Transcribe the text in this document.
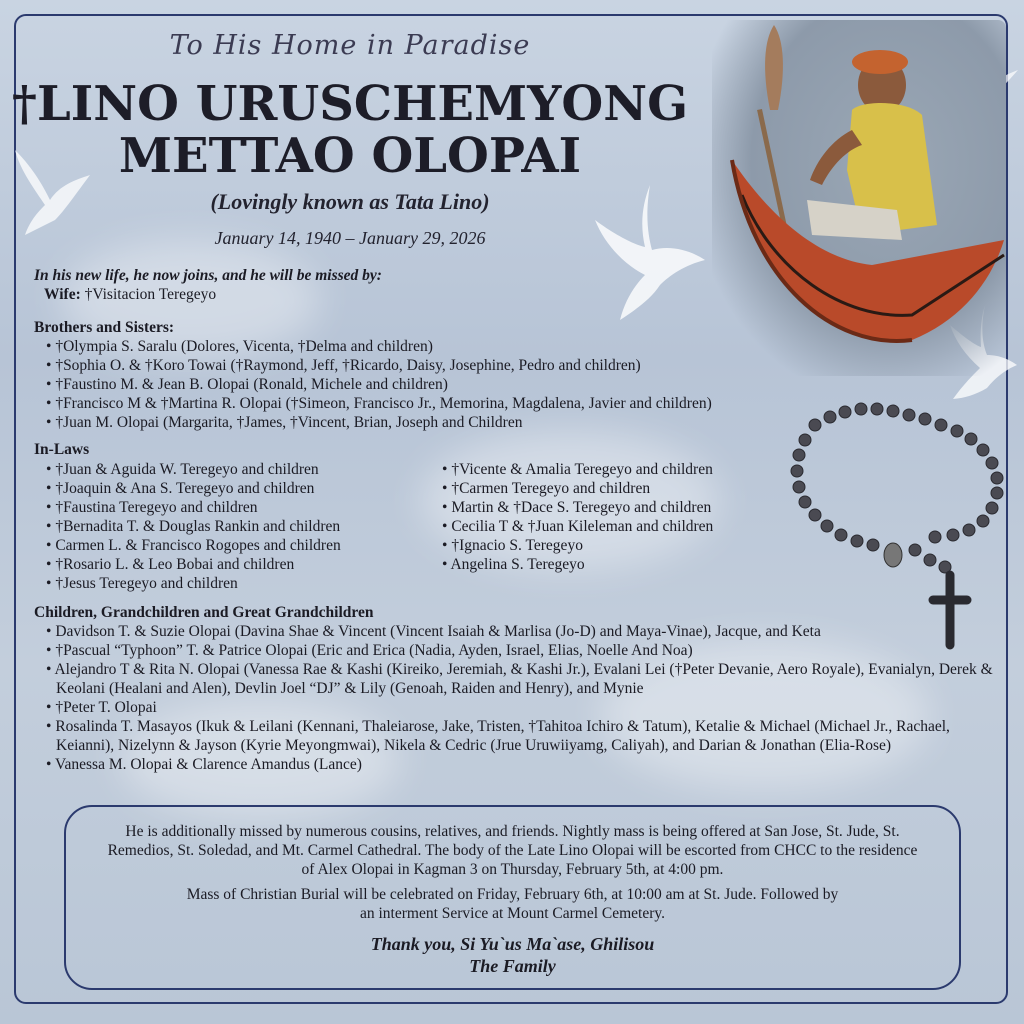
To His Home in Paradise
†LINO URUSCHEMYONG
METTAO OLOPAI
(Lovingly known as Tata Lino)
January 14, 1940 – January 29, 2026
In his new life, he now joins, and he will be missed by:
Wife: †Visitacion Teregeyo
Brothers and Sisters:
• †Olympia S. Saralu (Dolores, Vicenta, †Delma and children)
• †Sophia O. & †Koro Towai (†Raymond, Jeff, †Ricardo, Daisy, Josephine, Pedro and children)
• †Faustino M. & Jean B. Olopai (Ronald, Michele and children)
• †Francisco M & †Martina R. Olopai (†Simeon, Francisco Jr., Memorina, Magdalena, Javier and children)
• †Juan M. Olopai (Margarita, †James, †Vincent, Brian, Joseph and Children
In-Laws
• †Juan & Aguida W. Teregeyo and children
• †Joaquin & Ana S. Teregeyo and children
• †Faustina Teregeyo and children
• †Bernadita T. & Douglas Rankin and children
• Carmen L. & Francisco Rogopes and children
• †Rosario L. & Leo Bobai and children
• †Jesus Teregeyo and children
• †Vicente & Amalia Teregeyo and children
• †Carmen Teregeyo and children
• Martin & †Dace S. Teregeyo and children
• Cecilia T & †Juan Kileleman and children
• †Ignacio S. Teregeyo
• Angelina S. Teregeyo
Children, Grandchildren and Great Grandchildren
• Davidson T. & Suzie Olopai (Davina Shae & Vincent (Vincent Isaiah & Marlisa (Jo-D) and Maya-Vinae), Jacque, and Keta
• †Pascual “Typhoon” T. & Patrice Olopai (Eric and Erica (Nadia, Ayden, Israel, Elias, Noelle And Noa)
• Alejandro T & Rita N. Olopai (Vanessa Rae & Kashi (Kireiko, Jeremiah, & Kashi Jr.), Evalani Lei (†Peter Devanie, Aero Royale), Evanialyn, Derek & Keolani (Healani and Alen), Devlin Joel “DJ” & Lily (Genoah, Raiden and Henry), and Mynie
• †Peter T. Olopai
• Rosalinda T. Masayos (Ikuk & Leilani (Kennani, Thaleiarose, Jake, Tristen, †Tahitoa Ichiro & Tatum), Ketalie & Michael (Michael Jr., Rachael, Keianni), Nizelynn & Jayson (Kyrie Meyongmwai), Nikela & Cedric (Jrue Uruwiiyamg, Caliyah), and Darian & Jonathan (Elia-Rose)
• Vanessa M. Olopai & Clarence Amandus (Lance)

He is additionally missed by numerous cousins, relatives, and friends. Nightly mass is being offered at San Jose, St. Jude, St. Remedios, St. Soledad, and Mt. Carmel Cathedral. The body of the Late Lino Olopai will be escorted from CHCC to the residence of Alex Olopai in Kagman 3 on Thursday, February 5th, at 4:00 pm.

Mass of Christian Burial will be celebrated on Friday, February 6th, at 10:00 am at St. Jude. Followed by an interment Service at Mount Carmel Cemetery.

Thank you, Si Yu`us Ma`ase, Ghilisou
The Family
